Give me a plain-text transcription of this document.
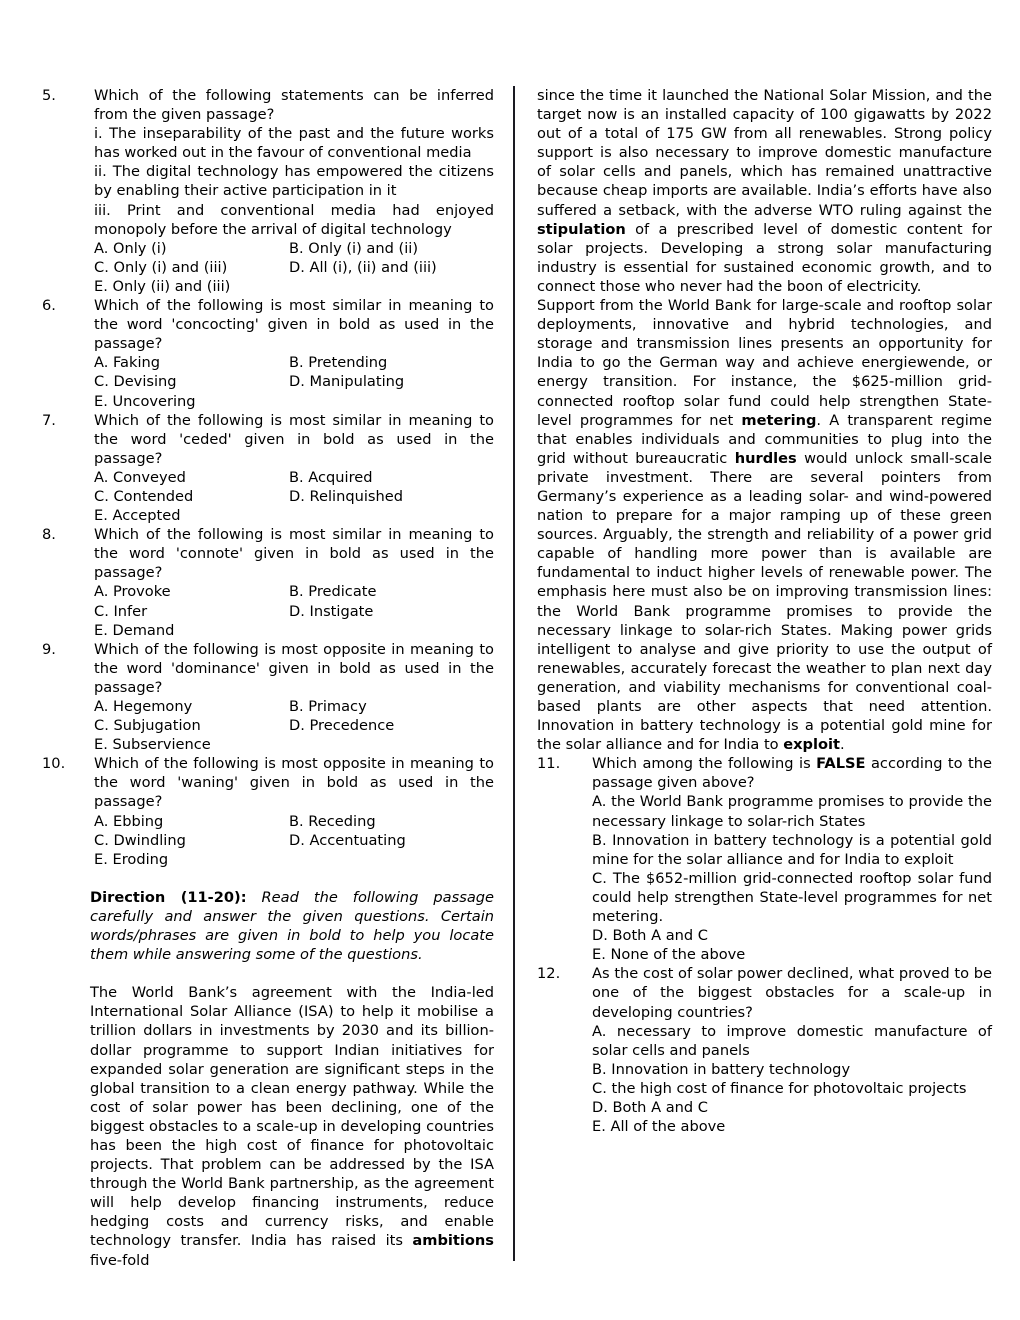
5.	Which of the following statements can be inferred from the given passage?
i. The inseparability of the past and the future works has worked out in the favour of conventional media
ii. The digital technology has empowered the citizens by enabling their active participation in it
iii. Print and conventional media had enjoyed monopoly before the arrival of digital technology
A. Only (i)	B. Only (i) and (ii)
C. Only (i) and (iii)	D. All (i), (ii) and (iii)
E. Only (ii) and (iii)
6.	Which of the following is most similar in meaning to the word 'concocting' given in bold as used in the passage?
A. Faking	B. Pretending
C. Devising	D. Manipulating
E. Uncovering
7.	Which of the following is most similar in meaning to the word 'ceded' given in bold as used in the passage?
A. Conveyed	B. Acquired
C. Contended	D. Relinquished
E. Accepted
8.	Which of the following is most similar in meaning to the word 'connote' given in bold as used in the passage?
A. Provoke	B. Predicate
C. Infer	D. Instigate
E. Demand
9.	Which of the following is most opposite in meaning to the word 'dominance' given in bold as used in the passage?
A. Hegemony	B. Primacy
C. Subjugation	D. Precedence
E. Subservience
10.	Which of the following is most opposite in meaning to the word 'waning' given in bold as used in the passage?
A. Ebbing	B. Receding
C. Dwindling	D. Accentuating
E. Eroding

Direction (11-20): Read the following passage carefully and answer the given questions. Certain words/phrases are given in bold to help you locate them while answering some of the questions.

The World Bank’s agreement with the India-led International Solar Alliance (ISA) to help it mobilise a trillion dollars in investments by 2030 and its billion-dollar programme to support Indian initiatives for expanded solar generation are significant steps in the global transition to a clean energy pathway. While the cost of solar power has been declining, one of the biggest obstacles to a scale-up in developing countries has been the high cost of finance for photovoltaic projects. That problem can be addressed by the ISA through the World Bank partnership, as the agreement will help develop financing instruments, reduce hedging costs and currency risks, and enable technology transfer. India has raised its ambitions five-fold

since the time it launched the National Solar Mission, and the target now is an installed capacity of 100 gigawatts by 2022 out of a total of 175 GW from all renewables. Strong policy support is also necessary to improve domestic manufacture of solar cells and panels, which has remained unattractive because cheap imports are available. India’s efforts have also suffered a setback, with the adverse WTO ruling against the stipulation of a prescribed level of domestic content for solar projects. Developing a strong solar manufacturing industry is essential for sustained economic growth, and to connect those who never had the boon of electricity.

Support from the World Bank for large-scale and rooftop solar deployments, innovative and hybrid technologies, and storage and transmission lines presents an opportunity for India to go the German way and achieve energiewende, or energy transition. For instance, the $625-million grid-connected rooftop solar fund could help strengthen State-level programmes for net metering. A transparent regime that enables individuals and communities to plug into the grid without bureaucratic hurdles would unlock small-scale private investment. There are several pointers from Germany’s experience as a leading solar- and wind-powered nation to prepare for a major ramping up of these green sources. Arguably, the strength and reliability of a power grid capable of handling more power than is available are fundamental to induct higher levels of renewable power. The emphasis here must also be on improving transmission lines: the World Bank programme promises to provide the necessary linkage to solar-rich States. Making power grids intelligent to analyse and give priority to use the output of renewables, accurately forecast the weather to plan next day generation, and viability mechanisms for conventional coal-based plants are other aspects that need attention. Innovation in battery technology is a potential gold mine for the solar alliance and for India to exploit.

11.	Which among the following is FALSE according to the passage given above?
A. the World Bank programme promises to provide the necessary linkage to solar-rich States
B. Innovation in battery technology is a potential gold mine for the solar alliance and for India to exploit
C. The $652-million grid-connected rooftop solar fund could help strengthen State-level programmes for net metering.
D. Both A and C
E. None of the above
12.	As the cost of solar power declined, what proved to be one of the biggest obstacles for a scale-up in developing countries?
A. necessary to improve domestic manufacture of solar cells and panels
B. Innovation in battery technology
C. the high cost of finance for photovoltaic projects
D. Both A and C
E. All of the above
